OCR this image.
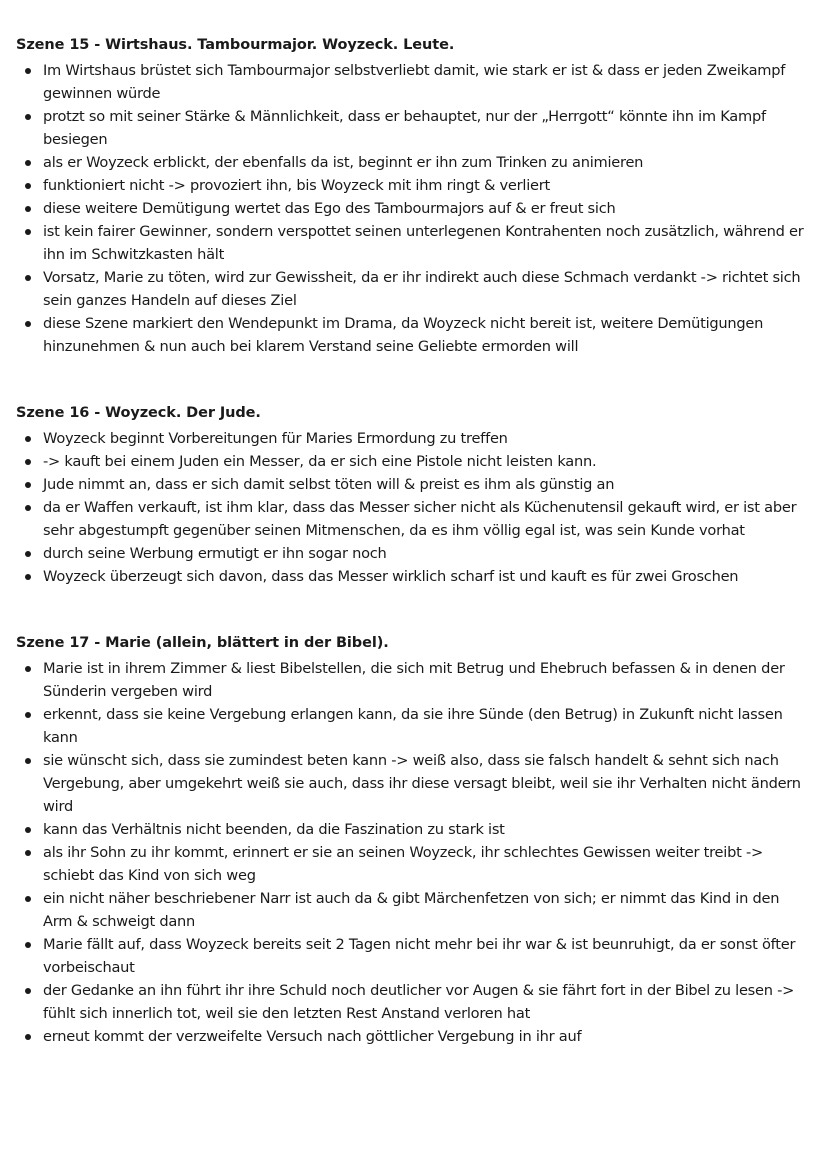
Szene 15 - Wirtshaus. Tambourmajor. Woyzeck. Leute.
Im Wirtshaus brüstet sich Tambourmajor selbstverliebt damit, wie stark er ist & dass er jeden Zweikampf gewinnen würde
protzt so mit seiner Stärke & Männlichkeit, dass er behauptet, nur der „Herrgott“ könnte ihn im Kampf besiegen
als er Woyzeck erblickt, der ebenfalls da ist, beginnt er ihn zum Trinken zu animieren
funktioniert nicht -> provoziert ihn, bis Woyzeck mit ihm ringt & verliert
diese weitere Demütigung wertet das Ego des Tambourmajors auf & er freut sich
ist kein fairer Gewinner, sondern verspottet seinen unterlegenen Kontrahenten noch zusätzlich, während er ihn im Schwitzkasten hält
Vorsatz, Marie zu töten, wird zur Gewissheit, da er ihr indirekt auch diese Schmach verdankt -> richtet sich sein ganzes Handeln auf dieses Ziel
diese Szene markiert den Wendepunkt im Drama, da Woyzeck nicht bereit ist, weitere Demütigungen hinzunehmen & nun auch bei klarem Verstand seine Geliebte ermorden will
Szene 16 - Woyzeck. Der Jude.
Woyzeck beginnt Vorbereitungen für Maries Ermordung zu treffen
-> kauft bei einem Juden ein Messer, da er sich eine Pistole nicht leisten kann.
Jude nimmt an, dass er sich damit selbst töten will & preist es ihm als günstig an
da er Waffen verkauft, ist ihm klar, dass das Messer sicher nicht als Küchenutensil gekauft wird, er ist aber sehr abgestumpft gegenüber seinen Mitmenschen, da es ihm völlig egal ist, was sein Kunde vorhat
durch seine Werbung ermutigt er ihn sogar noch
Woyzeck überzeugt sich davon, dass das Messer wirklich scharf ist und kauft es für zwei Groschen
Szene 17 - Marie (allein, blättert in der Bibel).
Marie ist in ihrem Zimmer & liest Bibelstellen, die sich mit Betrug und Ehebruch befassen & in denen der Sünderin vergeben wird
erkennt, dass sie keine Vergebung erlangen kann, da sie ihre Sünde (den Betrug) in Zukunft nicht lassen kann
sie wünscht sich, dass sie zumindest beten kann -> weiß also, dass sie falsch handelt & sehnt sich nach Vergebung, aber umgekehrt weiß sie auch, dass ihr diese versagt bleibt, weil sie ihr Verhalten nicht ändern wird
kann das Verhältnis nicht beenden, da die Faszination zu stark ist
als ihr Sohn zu ihr kommt, erinnert er sie an seinen Woyzeck, ihr schlechtes Gewissen weiter treibt -> schiebt das Kind von sich weg
ein nicht näher beschriebener Narr ist auch da & gibt Märchenfetzen von sich; er nimmt das Kind in den Arm & schweigt dann
Marie fällt auf, dass Woyzeck bereits seit 2 Tagen nicht mehr bei ihr war & ist beunruhigt, da er sonst öfter vorbeischaut
der Gedanke an ihn führt ihr ihre Schuld noch deutlicher vor Augen & sie fährt fort in der Bibel zu lesen -> fühlt sich innerlich tot, weil sie den letzten Rest Anstand verloren hat
erneut kommt der verzweifelte Versuch nach göttlicher Vergebung in ihr auf
